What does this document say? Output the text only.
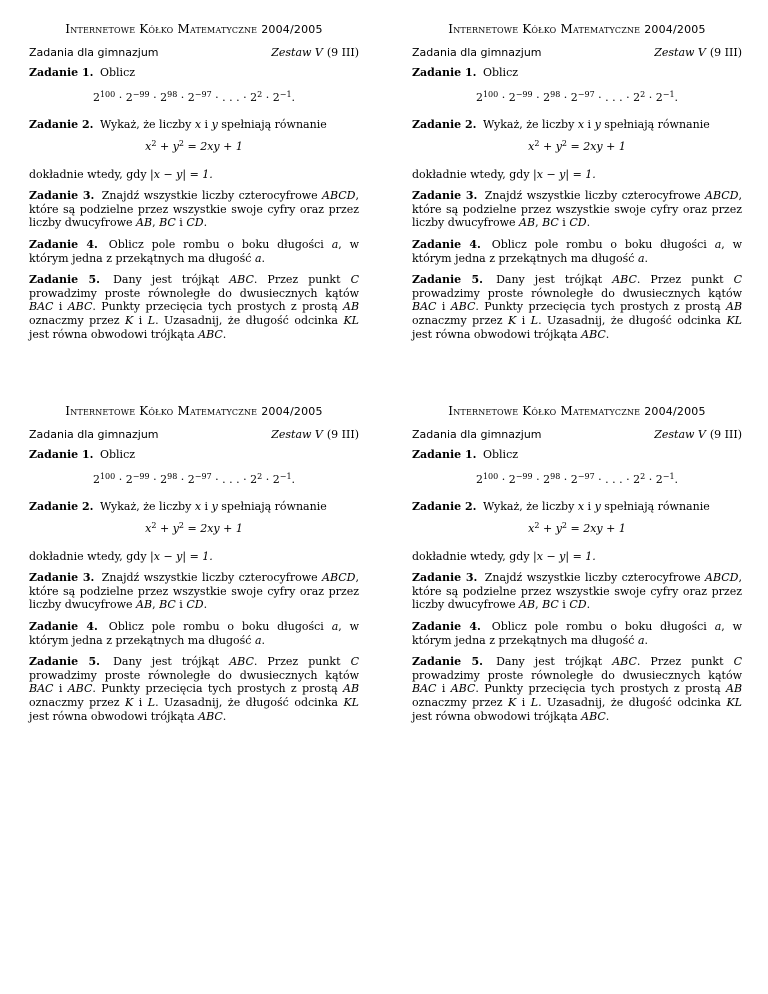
Internetowe Kółko Matematyczne 2004/2005
Zadania dla gimnazjum	Zestaw V (9 III)
Zadanie 1. Oblicz
$2^{100} \cdot 2^{-99} \cdot 2^{98} \cdot 2^{-97}$ · . . . · $2^2 \cdot 2^{-1}$.
Zadanie 2. Wykaż, że liczby x i y spełniają równanie
$x^2 + y^2 = 2xy + 1$
dokładnie wtedy, gdy |x − y| = 1.
Zadanie 3. Znajdź wszystkie liczby czterocyfrowe ABCD, które są podzielne przez wszystkie swoje cyfry oraz przez liczby dwucyfrowe AB, BC i CD.
Zadanie 4. Oblicz pole rombu o boku długości a, w którym jedna z przekątnych ma długość a.
Zadanie 5. Dany jest trójkąt ABC. Przez punkt C prowadzimy proste równoległe do dwusiecznych kątów BAC i ABC. Punkty przecięcia tych prostych z prostą AB oznaczmy przez K i L. Uzasadnij, że długość odcinka KL jest równa obwodowi trójkąta ABC.
Internetowe Kółko Matematyczne 2004/2005
Zadania dla gimnazjum	Zestaw V (9 III)
Zadanie 1. Oblicz
$2^{100} \cdot 2^{-99} \cdot 2^{98} \cdot 2^{-97}$ · . . . · $2^2 \cdot 2^{-1}$.
Zadanie 2. Wykaż, że liczby x i y spełniają równanie
$x^2 + y^2 = 2xy + 1$
dokładnie wtedy, gdy |x − y| = 1.
Zadanie 3. Znajdź wszystkie liczby czterocyfrowe ABCD, które są podzielne przez wszystkie swoje cyfry oraz przez liczby dwucyfrowe AB, BC i CD.
Zadanie 4. Oblicz pole rombu o boku długości a, w którym jedna z przekątnych ma długość a.
Zadanie 5. Dany jest trójkąt ABC. Przez punkt C prowadzimy proste równoległe do dwusiecznych kątów BAC i ABC. Punkty przecięcia tych prostych z prostą AB oznaczmy przez K i L. Uzasadnij, że długość odcinka KL jest równa obwodowi trójkąta ABC.
Internetowe Kółko Matematyczne 2004/2005
Zadania dla gimnazjum	Zestaw V (9 III)
Zadanie 1. Oblicz
$2^{100} \cdot 2^{-99} \cdot 2^{98} \cdot 2^{-97}$ · . . . · $2^2 \cdot 2^{-1}$.
Zadanie 2. Wykaż, że liczby x i y spełniają równanie
$x^2 + y^2 = 2xy + 1$
dokładnie wtedy, gdy |x − y| = 1.
Zadanie 3. Znajdź wszystkie liczby czterocyfrowe ABCD, które są podzielne przez wszystkie swoje cyfry oraz przez liczby dwucyfrowe AB, BC i CD.
Zadanie 4. Oblicz pole rombu o boku długości a, w którym jedna z przekątnych ma długość a.
Zadanie 5. Dany jest trójkąt ABC. Przez punkt C prowadzimy proste równoległe do dwusiecznych kątów BAC i ABC. Punkty przecięcia tych prostych z prostą AB oznaczmy przez K i L. Uzasadnij, że długość odcinka KL jest równa obwodowi trójkąta ABC.
Internetowe Kółko Matematyczne 2004/2005
Zadania dla gimnazjum	Zestaw V (9 III)
Zadanie 1. Oblicz
$2^{100} \cdot 2^{-99} \cdot 2^{98} \cdot 2^{-97}$ · . . . · $2^2 \cdot 2^{-1}$.
Zadanie 2. Wykaż, że liczby x i y spełniają równanie
$x^2 + y^2 = 2xy + 1$
dokładnie wtedy, gdy |x − y| = 1.
Zadanie 3. Znajdź wszystkie liczby czterocyfrowe ABCD, które są podzielne przez wszystkie swoje cyfry oraz przez liczby dwucyfrowe AB, BC i CD.
Zadanie 4. Oblicz pole rombu o boku długości a, w którym jedna z przekątnych ma długość a.
Zadanie 5. Dany jest trójkąt ABC. Przez punkt C prowadzimy proste równoległe do dwusiecznych kątów BAC i ABC. Punkty przecięcia tych prostych z prostą AB oznaczmy przez K i L. Uzasadnij, że długość odcinka KL jest równa obwodowi trójkąta ABC.
